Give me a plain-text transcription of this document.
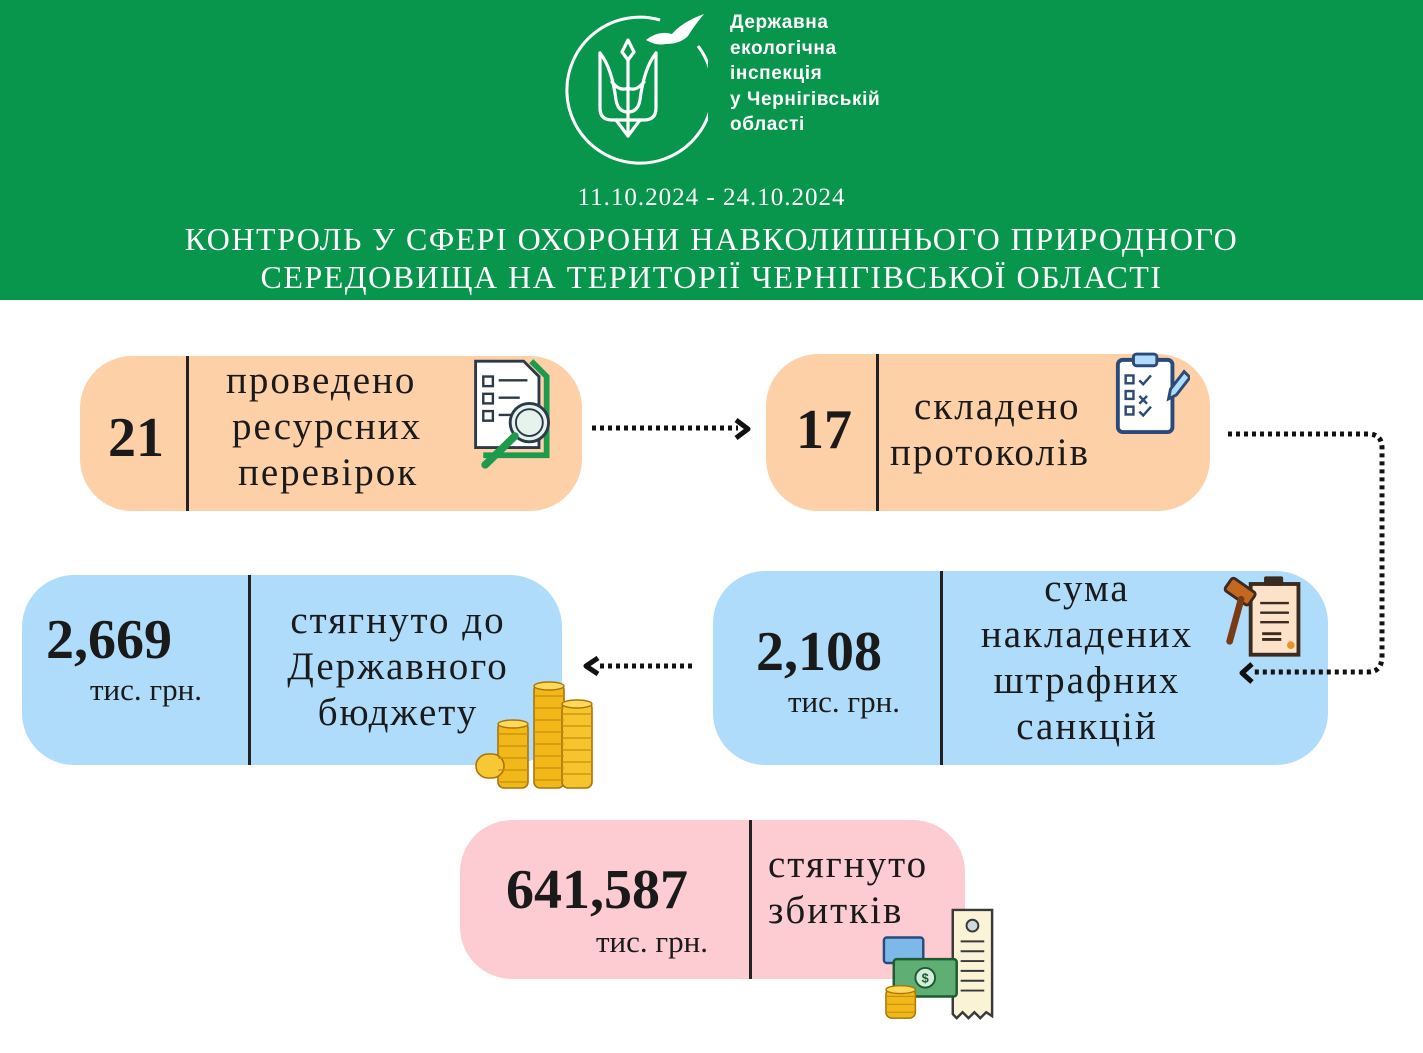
Державна
екологічна
інспекція
у Чернігівській
області
11.10.2024 - 24.10.2024
КОНТРОЛЬ У СФЕРІ ОХОРОНИ НАВКОЛИШНЬОГО ПРИРОДНОГО
СЕРЕДОВИЩА НА ТЕРИТОРІЇ ЧЕРНІГІВСЬКОЇ ОБЛАСТІ
21
проведено
ресурсних
перевірок
17	складено
протоколів
2,108
тис. грн.
сума
накладених
штрафних
санкцій
2,669
тис. грн.
стягнуто до
Державного
бюджету
641,587
тис. грн.
стягнуто
збитків
$
